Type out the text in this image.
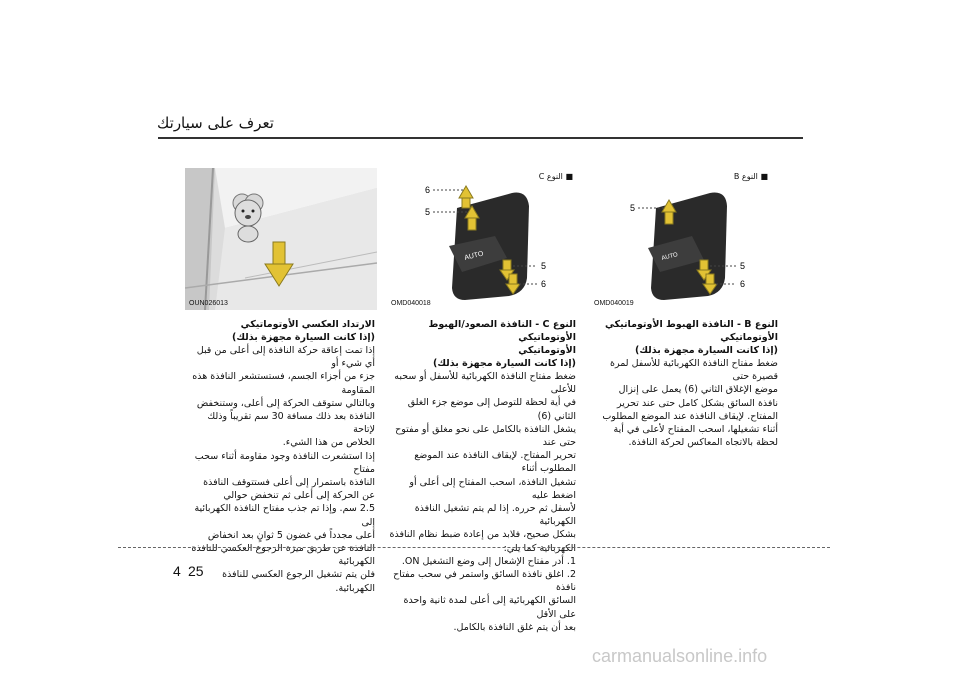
تعرف على سيارتك
OUN026013
AUTO
6
5
5
6
■ النوع C
OMD040018
AUTO
5
5
6
■ النوع B
OMD040019
الارتداد العكسي الأوتوماتيكي
(إذا كانت السيارة مجهزة بذلك)

إذا تمت إعاقة حركة النافذة إلى أعلى من قبل أي شيء أو

جزء من أجزاء الجسم، فستستشعر النافذة هذه المقاومة

وبالتالي ستوقف الحركة إلى أعلى، وستنخفض

النافذة بعد ذلك مسافة 30 سم تقريباً وذلك لإتاحة

الخلاص من هذا الشيء.

إذا استشعرت النافذة وجود مقاومة أثناء سحب مفتاح

النافذة باستمرار إلى أعلى فستتوقف النافذة

عن الحركة إلى أعلى ثم تنخفض حوالي

2.5 سم. وإذا تم جذب مفتاح النافذة الكهربائية إلى

أعلى مجدداً في غضون 5 ثوانٍ بعد انخفاض

النافذة عن طريق ميزة الرجوع العكسي للنافذة الكهربائية

فلن يتم تشغيل الرجوع العكسي للنافذة الكهربائية.

النوع C - النافذة الصعود/الهبوط الأوتوماتيكي
الأوتوماتيكي
(إذا كانت السيارة مجهزة بذلك)

ضغط مفتاح النافذة الكهربائية للأسفل أو سحبه للأعلى

في أية لحظة للتوصل إلى موضع جزء الغلق الثاني (6)

يشغل النافذة بالكامل على نحو مغلق أو مفتوح حتى عند

تحرير المفتاح. لإيقاف النافذة عند الموضع المطلوب أثناء

تشغيل النافذة، اسحب المفتاح إلى أعلى أو اضغط عليه

لأسفل ثم حرره. إذا لم يتم تشغيل النافذة الكهربائية

بشكل صحيح، فلابد من إعادة ضبط نظام النافذة

الكهربائية كما يلي:

1. أدر مفتاح الإشعال إلى وضع التشغيل ON.

2. اغلق نافذة السائق واستمر في سحب مفتاح نافذة

السائق الكهربائية إلى أعلى لمدة ثانية واحدة على الأقل

بعد أن يتم غلق النافذة بالكامل.

النوع B - النافذة الهبوط الأوتوماتيكي
الأوتوماتيكي
(إذا كانت السيارة مجهزة بذلك)

ضغط مفتاح النافذة الكهربائية للأسفل لمرة قصيرة حتى

موضع الإغلاق الثاني (6) يعمل على إنزال

نافذة السائق بشكل كامل حتى عند تحرير

المفتاح. لإيقاف النافذة عند الموضع المطلوب

أثناء تشغيلها، اسحب المفتاح لأعلى في أية

لحظة بالاتجاه المعاكس لحركة النافذة.

4 25
carmanualsonline.info
